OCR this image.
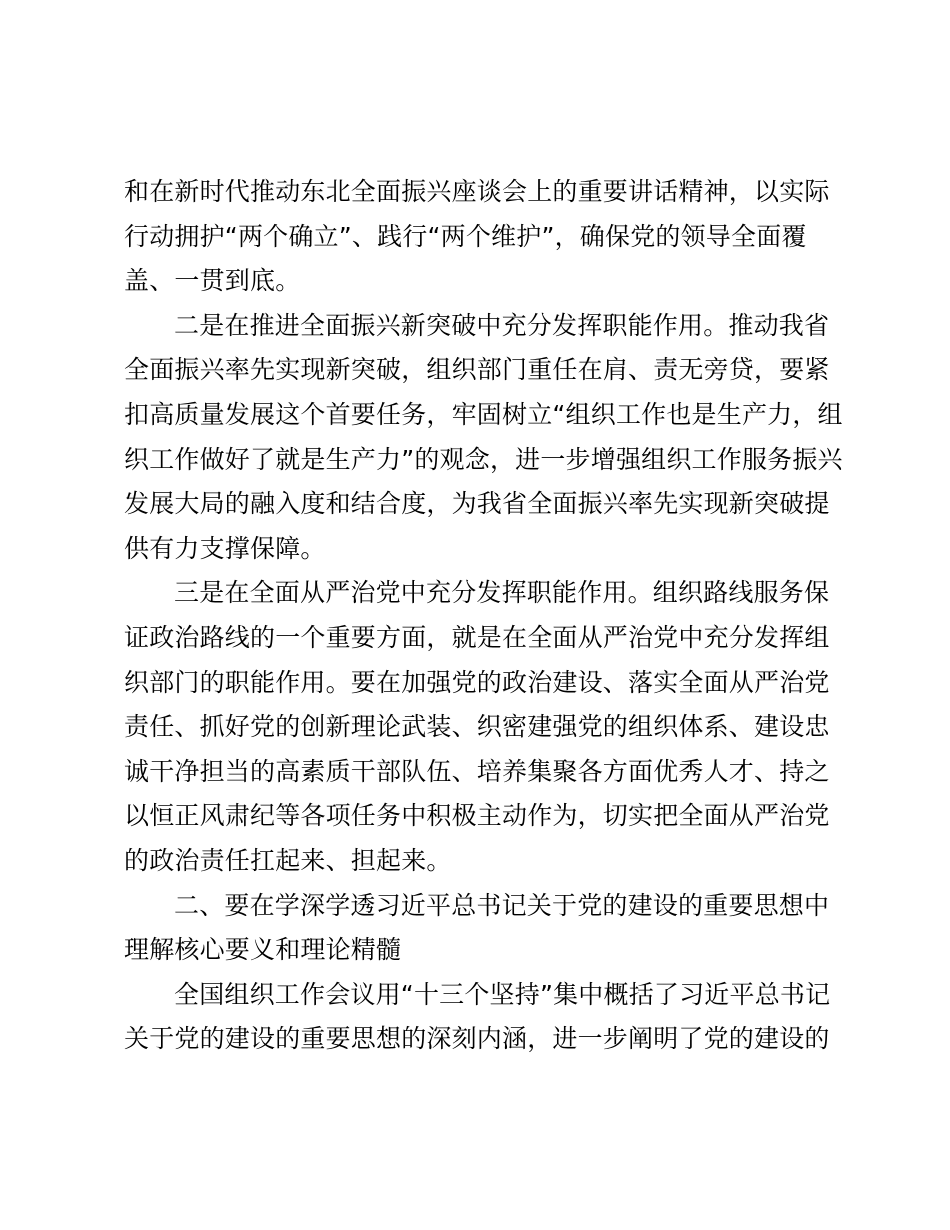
和在新时代推动东北全面振兴座谈会上的重要讲话精神，以实际
行动拥护“两个确立”、践行“两个维护”，确保党的领导全面覆
盖、一贯到底。
二是在推进全面振兴新突破中充分发挥职能作用。推动我省
全面振兴率先实现新突破，组织部门重任在肩、责无旁贷，要紧
扣高质量发展这个首要任务，牢固树立“组织工作也是生产力，组
织工作做好了就是生产力”的观念，进一步增强组织工作服务振兴
发展大局的融入度和结合度，为我省全面振兴率先实现新突破提
供有力支撑保障。
三是在全面从严治党中充分发挥职能作用。组织路线服务保
证政治路线的一个重要方面，就是在全面从严治党中充分发挥组
织部门的职能作用。要在加强党的政治建设、落实全面从严治党
责任、抓好党的创新理论武装、织密建强党的组织体系、建设忠
诚干净担当的高素质干部队伍、培养集聚各方面优秀人才、持之
以恒正风肃纪等各项任务中积极主动作为，切实把全面从严治党
的政治责任扛起来、担起来。
二、要在学深学透习近平总书记关于党的建设的重要思想中
理解核心要义和理论精髓
全国组织工作会议用“十三个坚持”集中概括了习近平总书记
关于党的建设的重要思想的深刻内涵，进一步阐明了党的建设的
